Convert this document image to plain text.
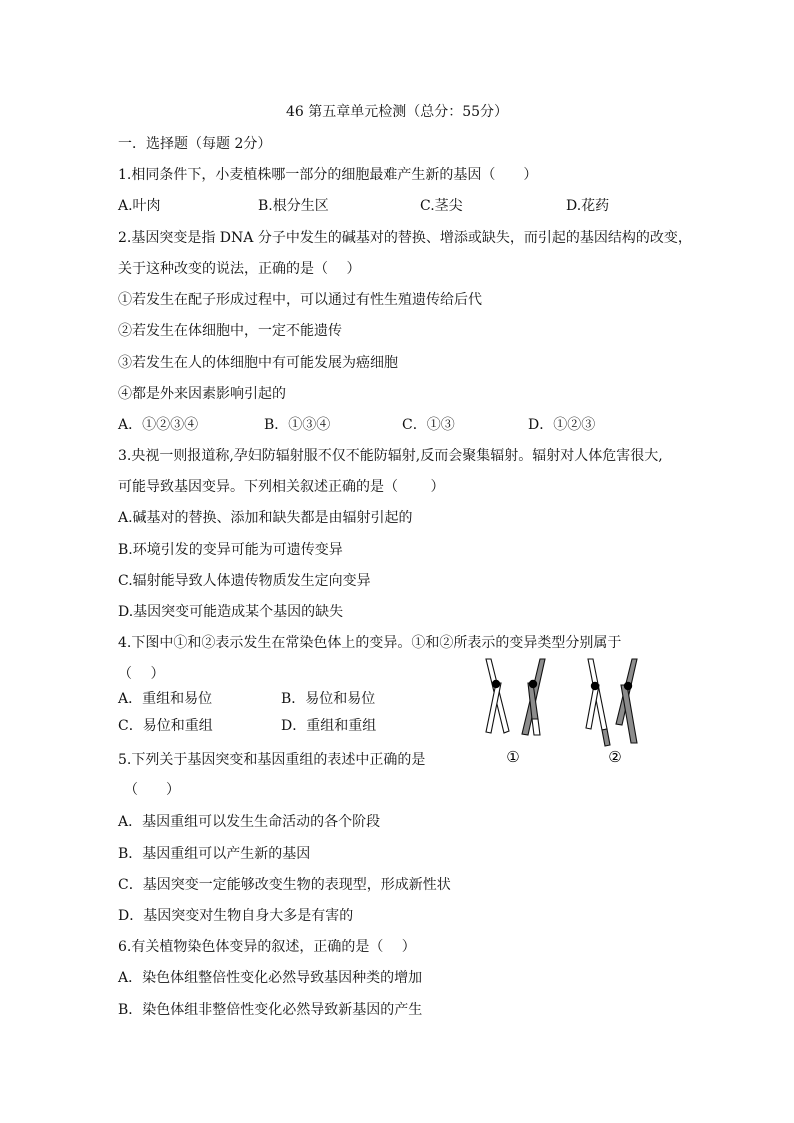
46 第五章单元检测（总分：55分）
一．选择题（每题 2分）
1.相同条件下，小麦植株哪一部分的细胞最难产生新的基因（　　）
A.叶肉	B.根分生区	C.茎尖	D.花药
2.基因突变是指 DNA 分子中发生的碱基对的替换、增添或缺失，而引起的基因结构的改变，
关于这种改变的说法，正确的是（　 ）
①若发生在配子形成过程中，可以通过有性生殖遗传给后代
②若发生在体细胞中，一定不能遗传
③若发生在人的体细胞中有可能发展为癌细胞
④都是外来因素影响引起的
A．①②③④	B．①③④	C．①③	D．①②③
3.央视一则报道称,孕妇防辐射服不仅不能防辐射,反而会聚集辐射。辐射对人体危害很大,
可能导致基因变异。下列相关叙述正确的是（　　 ）
A.碱基对的替换、添加和缺失都是由辐射引起的
B.环境引发的变异可能为可遗传变异
C.辐射能导致人体遗传物质发生定向变异
D.基因突变可能造成某个基因的缺失
4.下图中①和②表示发生在常染色体上的变异。①和②所表示的变异类型分别属于
（　 ）
A．重组和易位	B．易位和易位
C．易位和重组	D．重组和重组
①	②
5.下列关于基因突变和基因重组的表述中正确的是
（　　）
A．基因重组可以发生生命活动的各个阶段
B．基因重组可以产生新的基因
C．基因突变一定能够改变生物的表现型，形成新性状
D．基因突变对生物自身大多是有害的
6.有关植物染色体变异的叙述，正确的是（　 ）
A．染色体组整倍性变化必然导致基因种类的增加
B．染色体组非整倍性变化必然导致新基因的产生
